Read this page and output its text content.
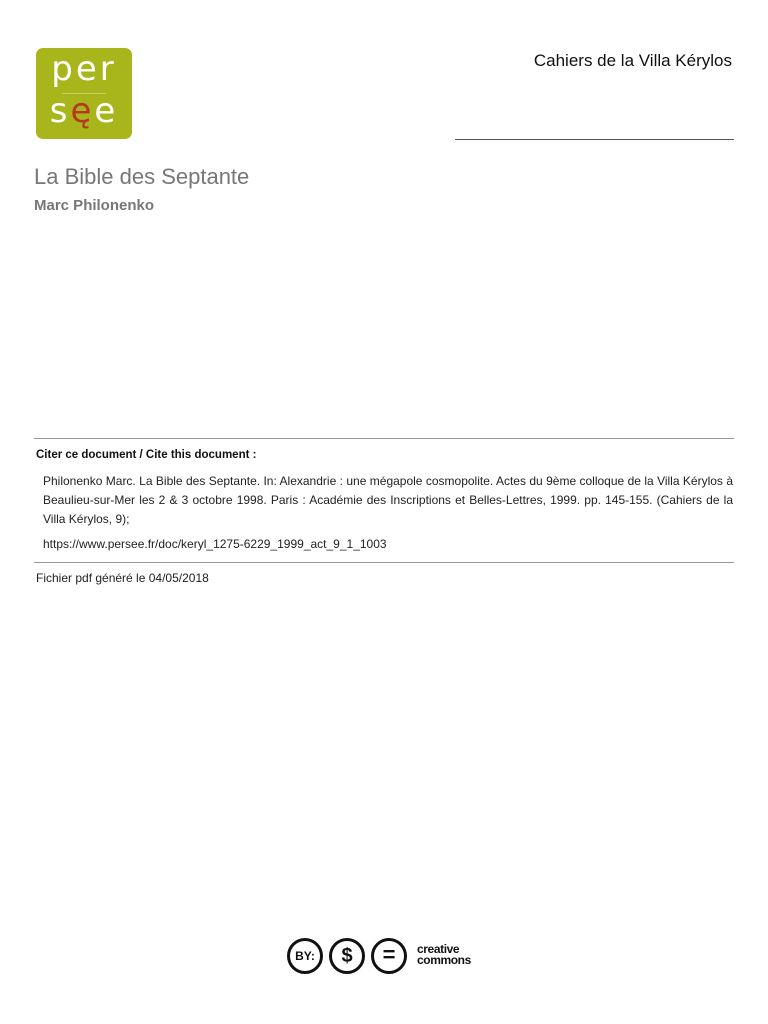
per
sęe
Cahiers de la Villa Kérylos
La Bible des Septante
Marc Philonenko
Citer ce document / Cite this document :
Philonenko Marc. La Bible des Septante. In: Alexandrie : une mégapole cosmopolite. Actes du 9ème colloque de la Villa Kérylos à Beaulieu-sur-Mer les 2 & 3 octobre 1998. Paris : Académie des Inscriptions et Belles-Lettres, 1999. pp. 145-155. (Cahiers de la Villa Kérylos, 9);
https://www.persee.fr/doc/keryl_1275-6229_1999_act_9_1_1003
Fichier pdf généré le 04/05/2018
BY:	$	=	creative
commons
